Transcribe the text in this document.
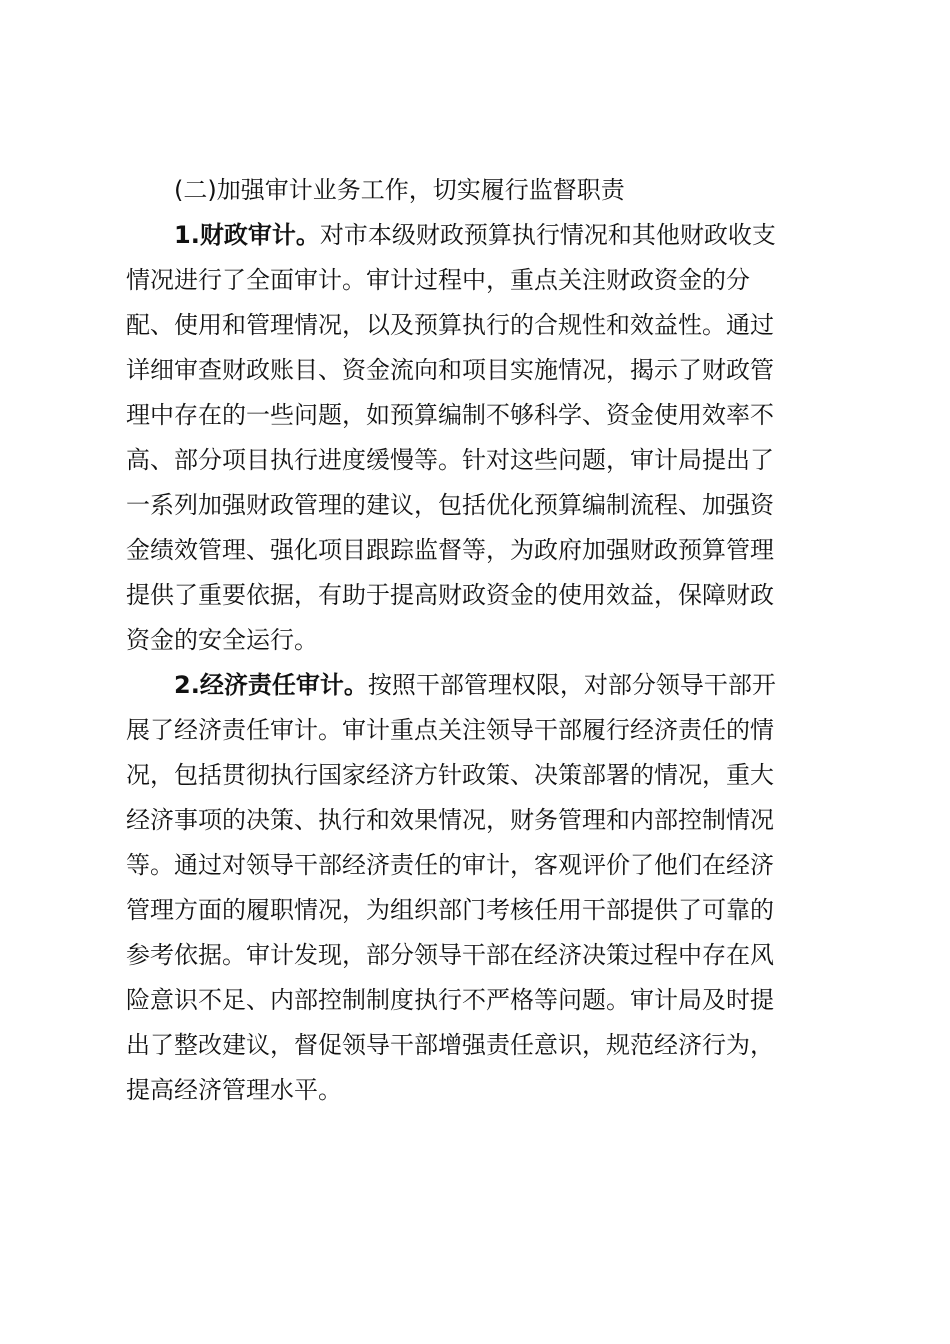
(二)加强审计业务工作，切实履行监督职责
1.财政审计。对市本级财政预算执行情况和其他财政收支
情况进行了全面审计。审计过程中，重点关注财政资金的分
配、使用和管理情况，以及预算执行的合规性和效益性。通过
详细审查财政账目、资金流向和项目实施情况，揭示了财政管
理中存在的一些问题，如预算编制不够科学、资金使用效率不
高、部分项目执行进度缓慢等。针对这些问题，审计局提出了
一系列加强财政管理的建议，包括优化预算编制流程、加强资
金绩效管理、强化项目跟踪监督等，为政府加强财政预算管理
提供了重要依据，有助于提高财政资金的使用效益，保障财政
资金的安全运行。
2.经济责任审计。按照干部管理权限，对部分领导干部开
展了经济责任审计。审计重点关注领导干部履行经济责任的情
况，包括贯彻执行国家经济方针政策、决策部署的情况，重大
经济事项的决策、执行和效果情况，财务管理和内部控制情况
等。通过对领导干部经济责任的审计，客观评价了他们在经济
管理方面的履职情况，为组织部门考核任用干部提供了可靠的
参考依据。审计发现，部分领导干部在经济决策过程中存在风
险意识不足、内部控制制度执行不严格等问题。审计局及时提
出了整改建议，督促领导干部增强责任意识，规范经济行为，
提高经济管理水平。
